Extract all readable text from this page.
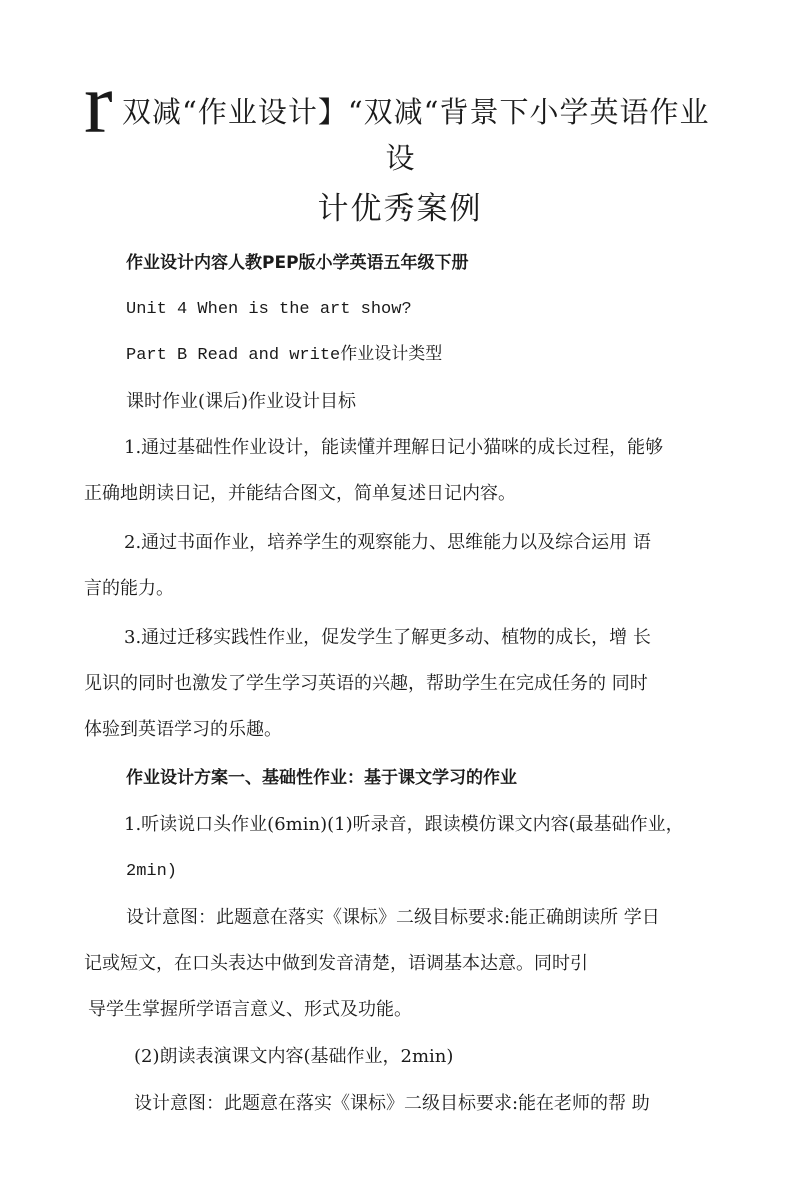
r 双减“作业设计】“双减“背景下小学英语作业
设
计优秀案例
作业设计内容人教PEP版小学英语五年级下册
Unit 4 When is the art show?
Part B Read and write作业设计类型
课时作业(课后)作业设计目标
1.通过基础性作业设计，能读懂并理解日记小猫咪的成长过程，能够
正确地朗读日记，并能结合图文，简单复述日记内容。
2.通过书面作业，培养学生的观察能力、思维能力以及综合运用 语
言的能力。
3.通过迁移实践性作业，促发学生了解更多动、植物的成长，增 长
见识的同时也激发了学生学习英语的兴趣，帮助学生在完成任务的 同时
体验到英语学习的乐趣。
作业设计方案一、基础性作业：基于课文学习的作业
1.听读说口头作业(6min)(1)听录音，跟读模仿课文内容(最基础作业，
2min)
设计意图：此题意在落实《课标》二级目标要求:能正确朗读所 学日
记或短文，在口头表达中做到发音清楚，语调基本达意。同时引
导学生掌握所学语言意义、形式及功能。
(2)朗读表演课文内容(基础作业，2min)
设计意图：此题意在落实《课标》二级目标要求:能在老师的帮 助
